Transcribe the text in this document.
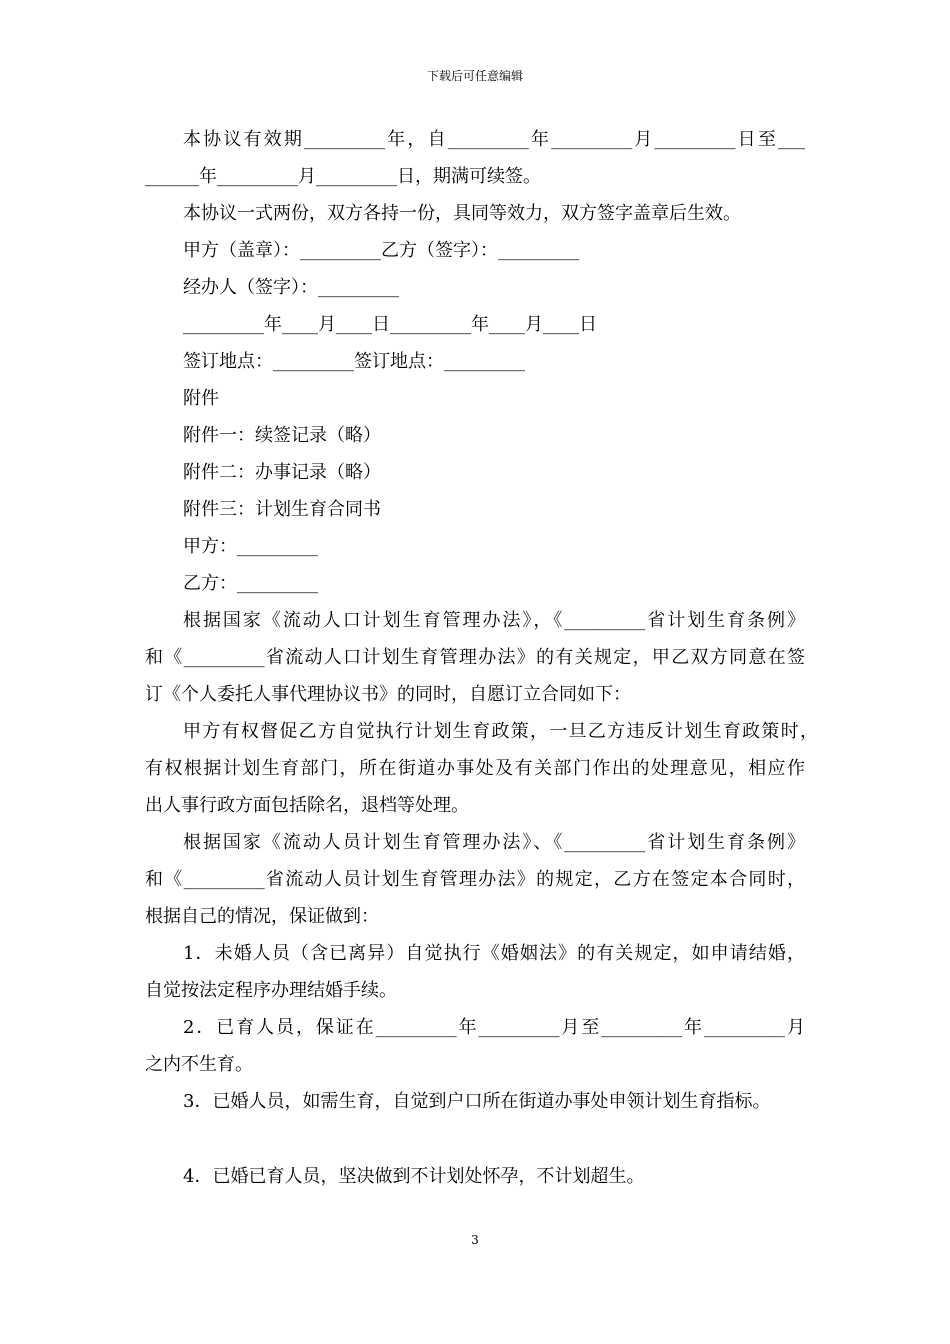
下载后可任意编辑
本协议有效期_________年，自_________年_________月_________日至___
______年_________月_________日，期满可续签。
本协议一式两份，双方各持一份，具同等效力，双方签字盖章后生效。
甲方（盖章）：_________乙方（签字）：_________
经办人（签字）：_________
_________年____月____日_________年____月____日
签订地点：_________签订地点：_________
附件
附件一：续签记录（略）
附件二：办事记录（略）
附件三：计划生育合同书
甲方：_________
乙方：_________
根据国家《流动人口计划生育管理办法》，《_________省计划生育条例》
和《_________省流动人口计划生育管理办法》的有关规定，甲乙双方同意在签
订《个人委托人事代理协议书》的同时，自愿订立合同如下：
甲方有权督促乙方自觉执行计划生育政策，一旦乙方违反计划生育政策时，
有权根据计划生育部门，所在街道办事处及有关部门作出的处理意见，相应作
出人事行政方面包括除名，退档等处理。
根据国家《流动人员计划生育管理办法》、《_________省计划生育条例》
和《_________省流动人员计划生育管理办法》的规定，乙方在签定本合同时，
根据自己的情况，保证做到：
1．未婚人员（含已离异）自觉执行《婚姻法》的有关规定，如申请结婚，
自觉按法定程序办理结婚手续。
2．已育人员，保证在_________年_________月至_________年_________月
之内不生育。
3．已婚人员，如需生育，自觉到户口所在街道办事处申领计划生育指标。
4．已婚已育人员，坚决做到不计划处怀孕，不计划超生。
3
